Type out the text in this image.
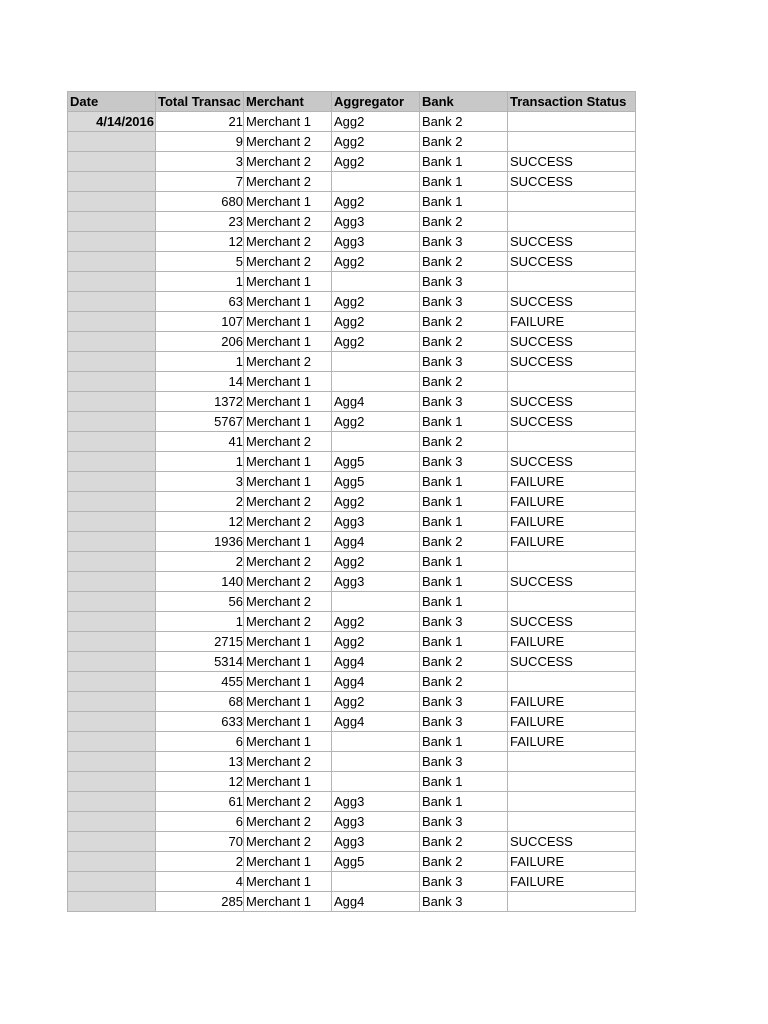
Date	Total Transac	Merchant	Aggregator	Bank	Transaction Status
4/14/2016	21	Merchant 1	Agg2	Bank 2	
	9	Merchant 2	Agg2	Bank 2	
	3	Merchant 2	Agg2	Bank 1	SUCCESS
	7	Merchant 2		Bank 1	SUCCESS
	680	Merchant 1	Agg2	Bank 1	
	23	Merchant 2	Agg3	Bank 2	
	12	Merchant 2	Agg3	Bank 3	SUCCESS
	5	Merchant 2	Agg2	Bank 2	SUCCESS
	1	Merchant 1		Bank 3	
	63	Merchant 1	Agg2	Bank 3	SUCCESS
	107	Merchant 1	Agg2	Bank 2	FAILURE
	206	Merchant 1	Agg2	Bank 2	SUCCESS
	1	Merchant 2		Bank 3	SUCCESS
	14	Merchant 1		Bank 2	
	1372	Merchant 1	Agg4	Bank 3	SUCCESS
	5767	Merchant 1	Agg2	Bank 1	SUCCESS
	41	Merchant 2		Bank 2	
	1	Merchant 1	Agg5	Bank 3	SUCCESS
	3	Merchant 1	Agg5	Bank 1	FAILURE
	2	Merchant 2	Agg2	Bank 1	FAILURE
	12	Merchant 2	Agg3	Bank 1	FAILURE
	1936	Merchant 1	Agg4	Bank 2	FAILURE
	2	Merchant 2	Agg2	Bank 1	
	140	Merchant 2	Agg3	Bank 1	SUCCESS
	56	Merchant 2		Bank 1	
	1	Merchant 2	Agg2	Bank 3	SUCCESS
	2715	Merchant 1	Agg2	Bank 1	FAILURE
	5314	Merchant 1	Agg4	Bank 2	SUCCESS
	455	Merchant 1	Agg4	Bank 2	
	68	Merchant 1	Agg2	Bank 3	FAILURE
	633	Merchant 1	Agg4	Bank 3	FAILURE
	6	Merchant 1		Bank 1	FAILURE
	13	Merchant 2		Bank 3	
	12	Merchant 1		Bank 1	
	61	Merchant 2	Agg3	Bank 1	
	6	Merchant 2	Agg3	Bank 3	
	70	Merchant 2	Agg3	Bank 2	SUCCESS
	2	Merchant 1	Agg5	Bank 2	FAILURE
	4	Merchant 1		Bank 3	FAILURE
	285	Merchant 1	Agg4	Bank 3	
